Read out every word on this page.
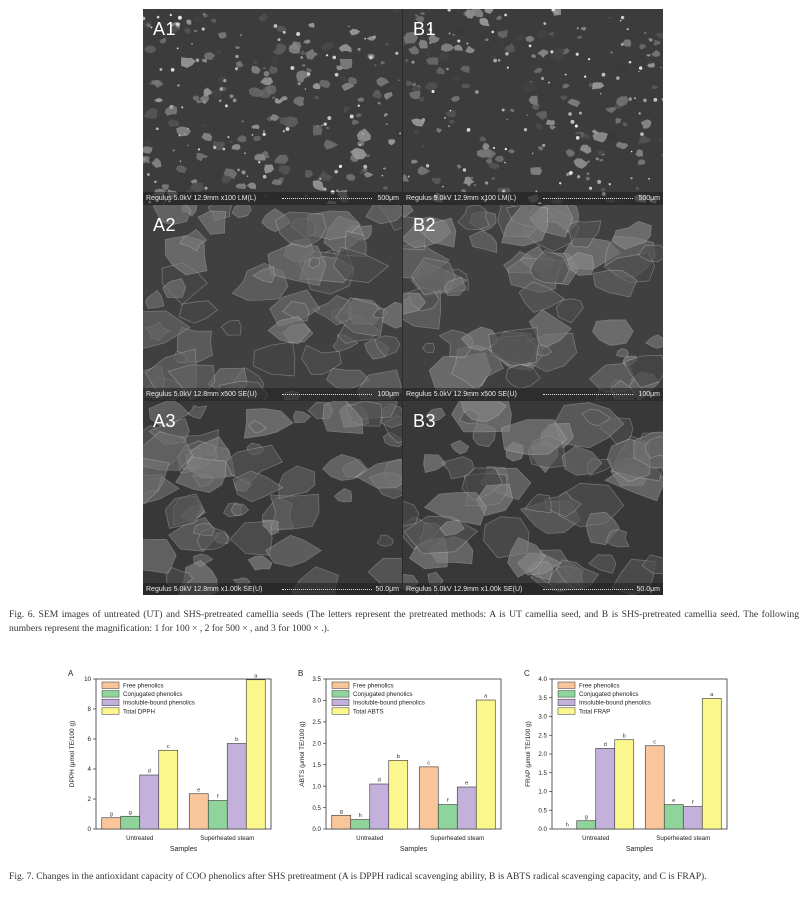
A1
Regulus 5.0kV 12.9mm x100 LM(L)	500μm
B1
Regulus 5.0kV 12.9mm x100 LM(L)	500μm
A2
Regulus 5.0kV 12.8mm x500 SE(U)	100μm
B2
Regulus 5.0kV 12.9mm x500 SE(U)	100μm
A3
Regulus 5.0kV 12.8mm x1.00k SE(U)	50.0μm
B3
Regulus 5.0kV 12.9mm x1.00k SE(U)	50.0μm
Fig. 6. SEM images of untreated (UT) and SHS-pretreated camellia seeds (The letters represent the pretreated methods: A is UT camellia seed, and B is SHS-pretreated camellia seed. The following numbers represent the magnification: 1 for 100 × , 2 for 500 × , and 3 for 1000 × .).
A
0
2
4
6
8
10
DPPH (μmol TE/100 g)
Samples
Untreated
g	g
d
c
Superheated steam
e
f
b
a
Free phenolics
Conjugated phenolics
Insoluble-bound phenolics
Total DPPH
B
0.0
0.5
1.0
1.5
2.0
2.5
3.0
3.5
ABTS (μmol TE/100 g)
Samples
Untreated
g
h
d
b
Superheated steam
c
f
e
a
Free phenolics
Conjugated phenolics
Insoluble-bound phenolics
Total ABTS
C
0.0
0.5
1.0
1.5
2.0
2.5
3.0
3.5
4.0
FRAP (μmol TE/100 g)
Samples
Untreated
h
g
d
b
Superheated steam
c
e	f
a
Free phenolics
Conjugated phenolics
Insoluble-bound phenolics
Total FRAP
Fig. 7. Changes in the antioxidant capacity of COO phenolics after SHS pretreatment (A is DPPH radical scavenging ability, B is ABTS radical scavenging capacity, and C is FRAP).
